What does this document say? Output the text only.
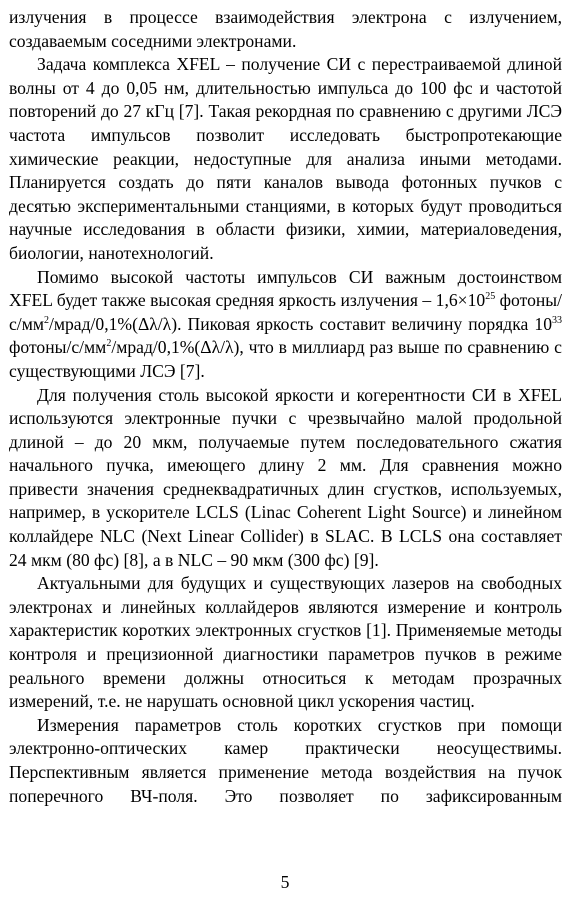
излучения в процессе взаимодействия электрона с излучением, создаваемым соседними электронами.

Задача комплекса XFEL – получение СИ с перестраиваемой длиной волны от 4 до 0,05 нм, длительностью импульса до 100 фс и частотой повторений до 27 кГц [7]. Такая рекордная по сравнению с другими ЛСЭ частота импульсов позволит исследовать быстропротекающие химические реакции, недоступные для анализа иными методами. Планируется создать до пяти каналов вывода фотонных пучков с десятью экспериментальными станциями, в которых будут проводиться научные исследования в области физики, химии, материаловедения, биологии, нанотехнологий.

Помимо высокой частоты импульсов СИ важным достоинством XFEL будет также высокая средняя яркость излучения – $1,6\times 10^{25}$ фотоны/$с/мм^2/мрад/0,1\%(\Delta\lambda/\lambda)$. Пиковая яркость составит величину порядка $10^{33}$ фотоны/$с/мм^2/мрад/0,1\%(\Delta\lambda/\lambda)$, что в миллиард раз выше по сравнению с существующими ЛСЭ [7].

Для получения столь высокой яркости и когерентности СИ в XFEL используются электронные пучки с чрезвычайно малой продольной длиной – до 20 мкм, получаемые путем последовательного сжатия начального пучка, имеющего длину 2 мм. Для сравнения можно привести значения среднеквадратичных длин сгустков, используемых, например, в ускорителе LCLS (Linac Coherent Light Source) и линейном коллайдере NLC (Next Linear Collider) в SLAC. В LCLS она составляет 24 мкм (80 фс) [8], а в NLC – 90 мкм (300 фс) [9].

Актуальными для будущих и существующих лазеров на свободных электронах и линейных коллайдеров являются измерение и контроль характеристик коротких электронных сгустков [1]. Применяемые методы контроля и прецизионной диагностики параметров пучков в режиме реального времени должны относиться к методам прозрачных измерений, т.е. не нарушать основной цикл ускорения частиц.

Измерения параметров столь коротких сгустков при помощи электронно-оптических камер практически неосуществимы. Перспективным является применение метода воздействия на пучок поперечного ВЧ-поля. Это позволяет по зафиксированным

5
